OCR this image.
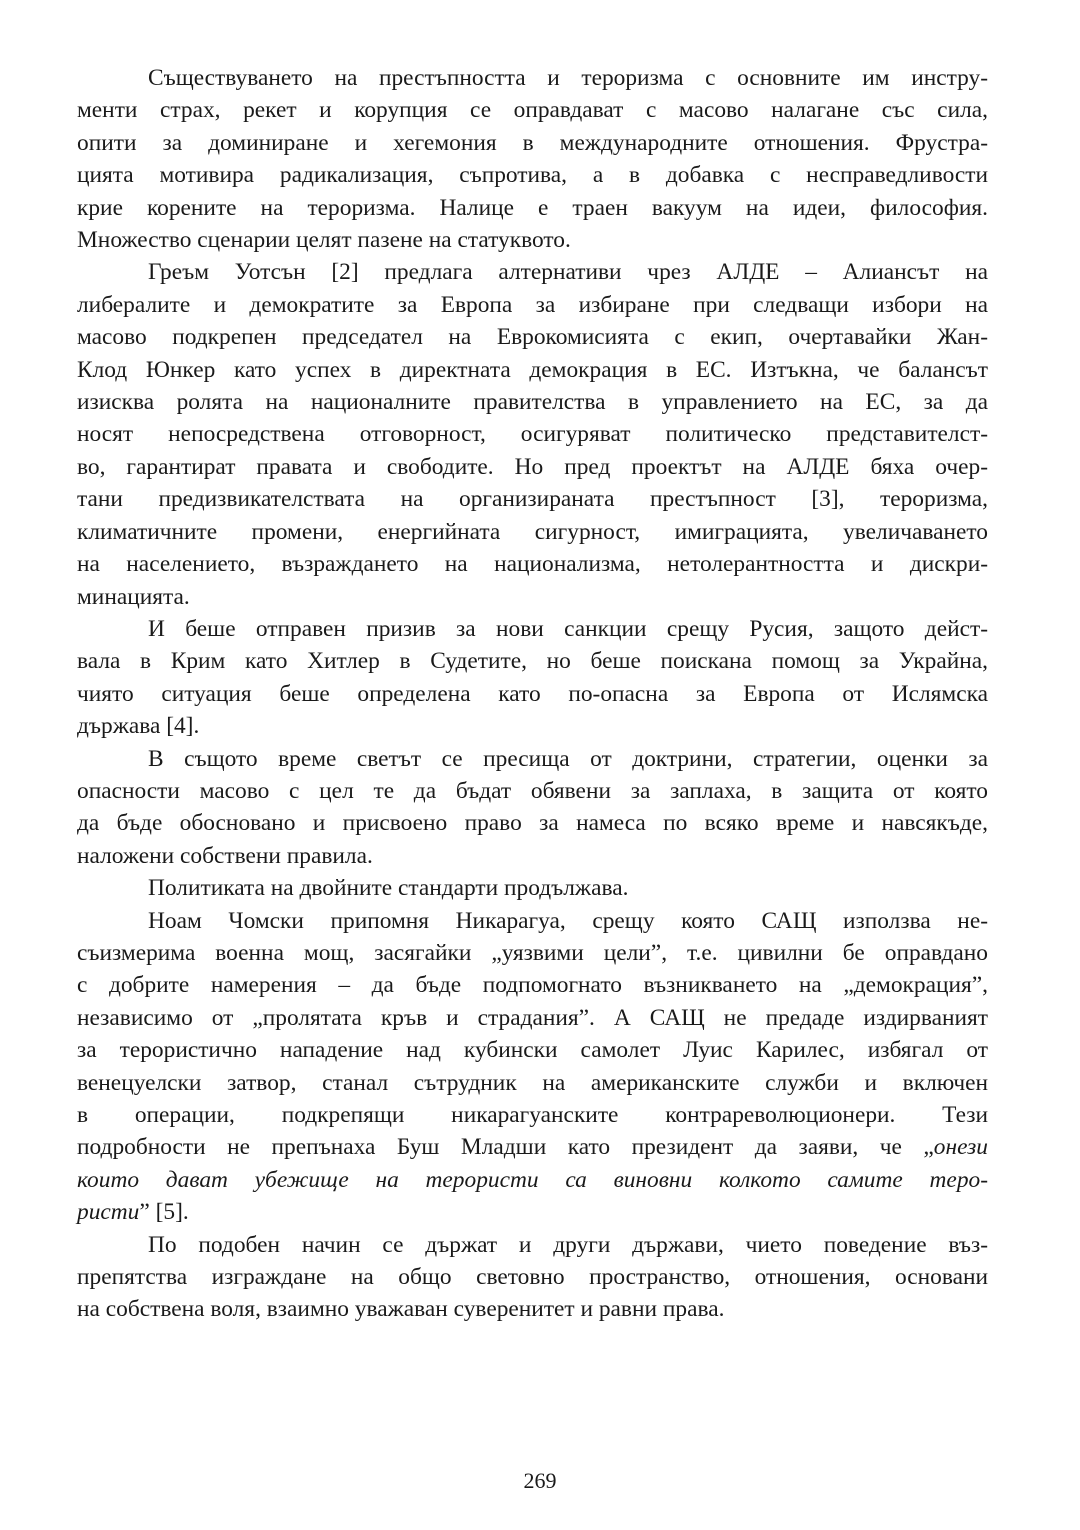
Съществуването на престъпността и тероризма с основните им инстру-
менти страх, рекет и корупция се оправдават с масово налагане със сила,
опити за доминиране и хегемония в международните отношения. Фрустра-
цията мотивира радикализация, съпротива, а в добавка с несправедливости
крие корените на тероризма. Налице е траен вакуум на идеи, философия.
Множество сценарии целят пазене на статуквото.
Греъм Уотсън [2] предлага алтернативи чрез АЛДЕ – Алиансът на
либералите и демократите за Европа за избиране при следващи избори на
масово подкрепен председател на Еврокомисията с екип, очертавайки Жан-
Клод Юнкер като успех в директната демокрация в ЕС. Изтъкна, че балансът
изисква ролята на националните правителства в управлението на ЕС, за да
носят непосредствена отговорност, осигуряват политическо представителст-
во, гарантират правата и свободите. Но пред проектът на АЛДЕ бяха очер-
тани предизвикателствата на организираната престъпност [3], тероризма,
климатичните промени, енергийната сигурност, имиграцията, увеличаването
на населението, възраждането на национализма, нетолерантността и дискри-
минацията.
И беше отправен призив за нови санкции срещу Русия, защото дейст-
вала в Крим като Хитлер в Судетите, но беше поискана помощ за Украйна,
чиято ситуация беше определена като по-опасна за Европа от Ислямска
държава [4].
В същото време светът се пресища от доктрини, стратегии, оценки за
опасности масово с цел те да бъдат обявени за заплаха, в защита от която
да бъде обосновано и присвоено право за намеса по всяко време и навсякъде,
наложени собствени правила.
Политиката на двойните стандарти продължава.
Ноам Чомски припомня Никарагуа, срещу която САЩ използва не-
съизмерима военна мощ, засягайки „уязвими цели”, т.е. цивилни бе оправдано
с добрите намерения – да бъде подпомогнато възникването на „демокрация”,
независимо от „пролятата кръв и страдания”. А САЩ не предаде издирваният
за терористично нападение над кубински самолет Луис Карилес, избягал от
венецуелски затвор, станал сътрудник на американските служби и включен
в операции, подкрепящи никарагуанските контрареволюционери. Тези
подробности не препънаха Буш Младши като президент да заяви, че „онези
които дават убежище на терористи са виновни колкото самите теро-
ристи” [5].
По подобен начин се държат и други държави, чието поведение въз-
препятства изграждане на общо световно пространство, отношения, основани
на собствена воля, взаимно уважаван суверенитет и равни права.
269
